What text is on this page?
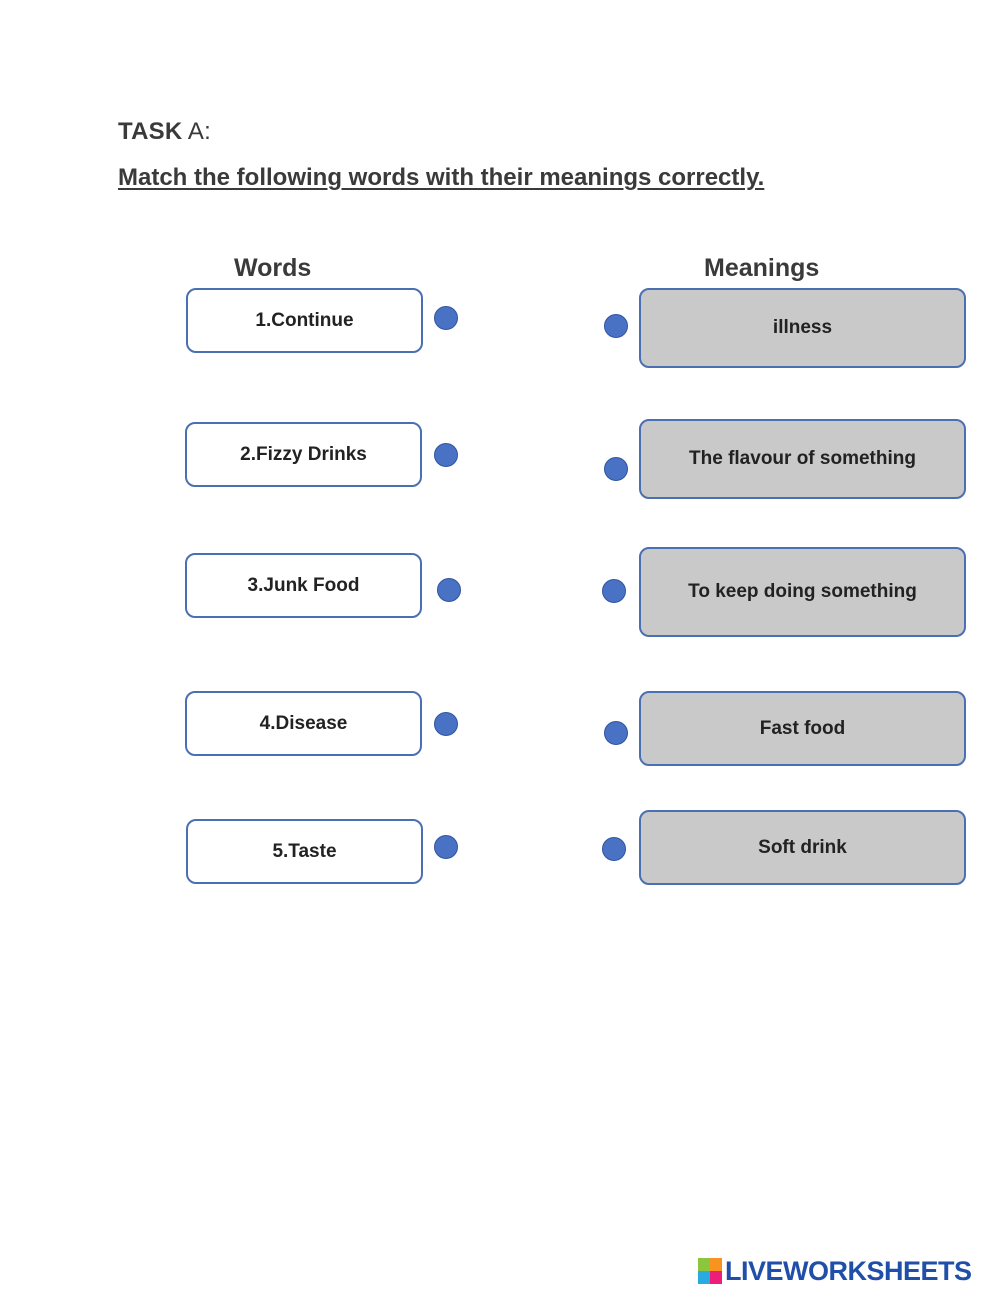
TASK A:
Match the following words with their meanings correctly.
Words	Meanings
1.Continue
2.Fizzy Drinks
3.Junk Food
4.Disease
5.Taste
illness
The flavour of something
To keep doing something
Fast food
Soft drink
LIVEWORKSHEETS
